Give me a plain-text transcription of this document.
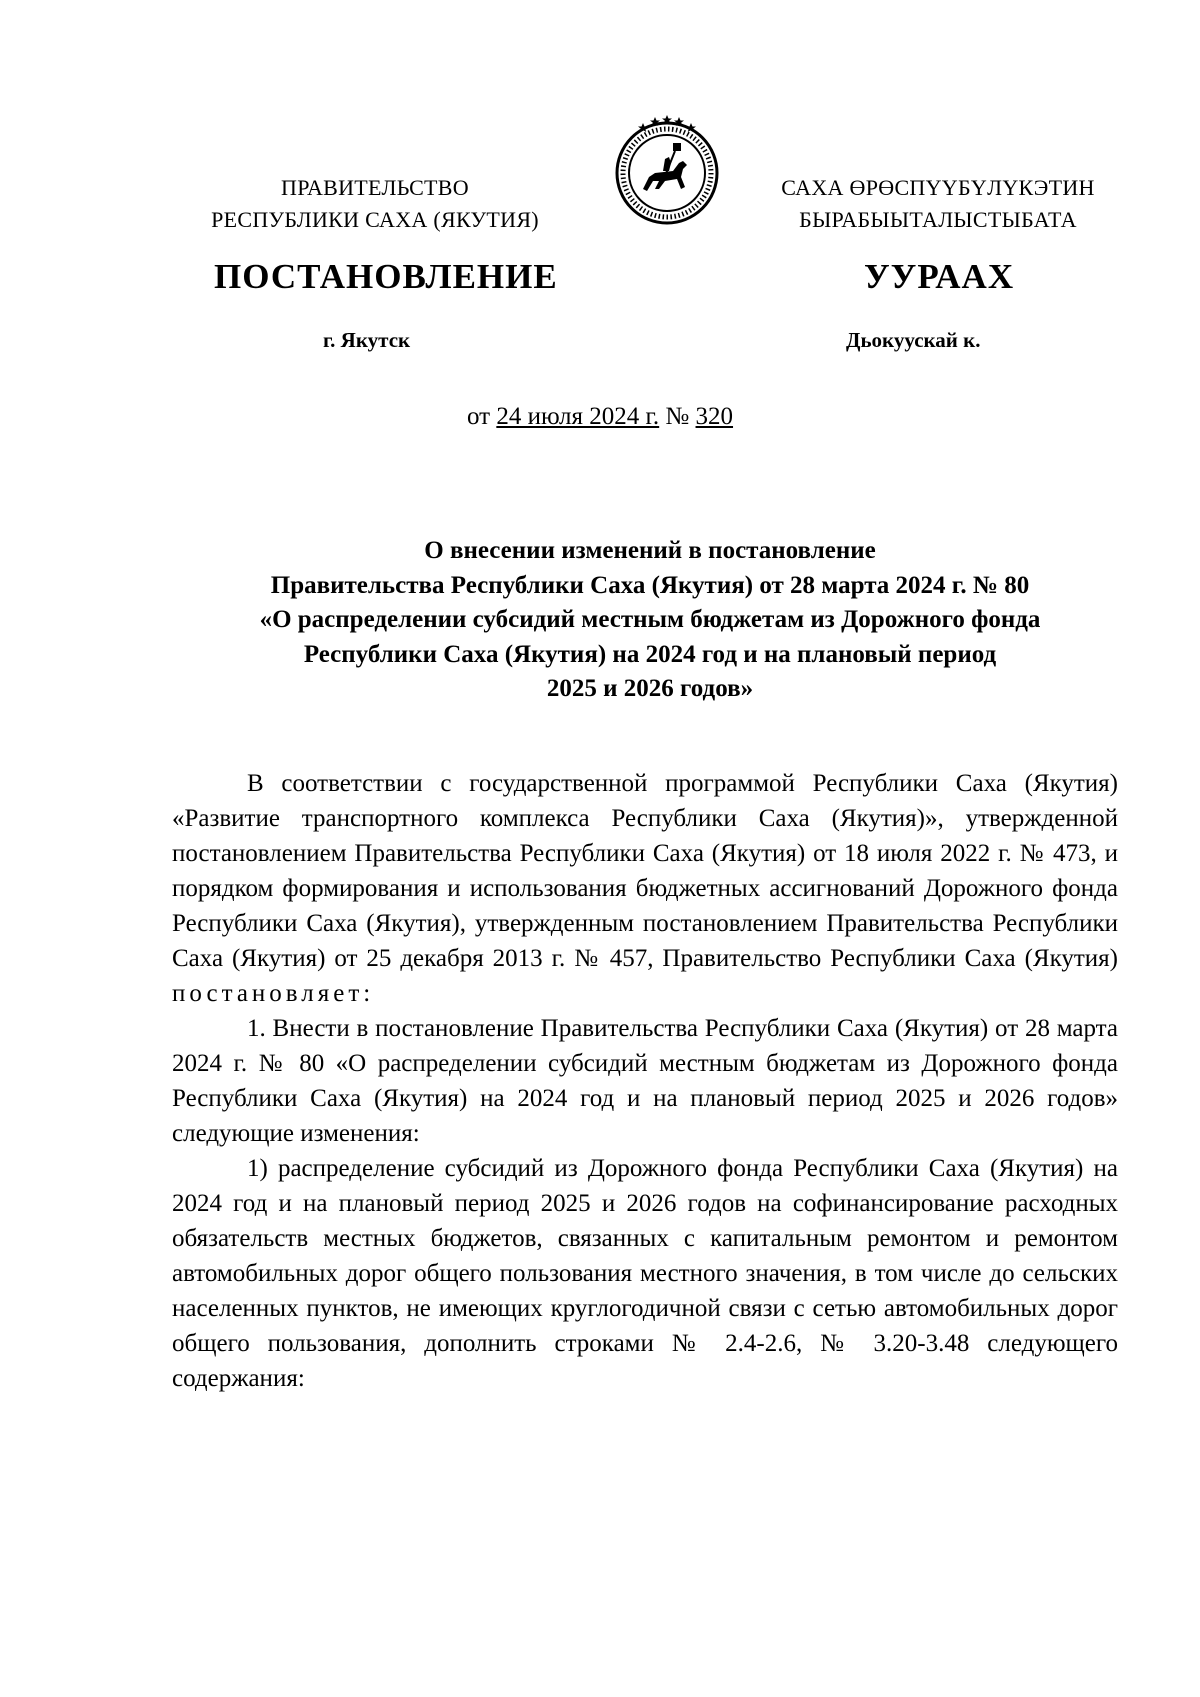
ПРАВИТЕЛЬСТВО
РЕСПУБЛИКИ САХА (ЯКУТИЯ)
САХА ӨРӨСПҮҮБҮЛҮКЭТИН
БЫРАБЫЫТАЛЫСТЫБАТА
ПОСТАНОВЛЕНИЕ	УУРААХ
г. Якутск	Дьокуускай к.
от 24 июля 2024 г. № 320
О внесении изменений в постановление
Правительства Республики Саха (Якутия) от 28 марта 2024 г. № 80
«О распределении субсидий местным бюджетам из Дорожного фонда
Республики Саха (Якутия) на 2024 год и на плановый период
2025 и 2026 годов»

В соответствии с государственной программой Республики Саха (Якутия) «Развитие транспортного комплекса Республики Саха (Якутия)», утвержденной постановлением Правительства Республики Саха (Якутия) от 18 июля 2022 г. № 473, и порядком формирования и использования бюджетных ассигнований Дорожного фонда Республики Саха (Якутия), утвержденным постановлением Правительства Республики Саха (Якутия) от 25 декабря 2013 г. № 457, Правительство Республики Саха (Якутия) постановляет:

1. Внести в постановление Правительства Республики Саха (Якутия) от 28 марта 2024 г. № 80 «О распределении субсидий местным бюджетам из Дорожного фонда Республики Саха (Якутия) на 2024 год и на плановый период 2025 и 2026 годов» следующие изменения:

1) распределение субсидий из Дорожного фонда Республики Саха (Якутия) на 2024 год и на плановый период 2025 и 2026 годов на софинансирование расходных обязательств местных бюджетов, связанных с капитальным ремонтом и ремонтом автомобильных дорог общего пользования местного значения, в том числе до сельских населенных пунктов, не имеющих круглогодичной связи с сетью автомобильных дорог общего пользования, дополнить строками № 2.4-2.6, № 3.20-3.48 следующего содержания:
